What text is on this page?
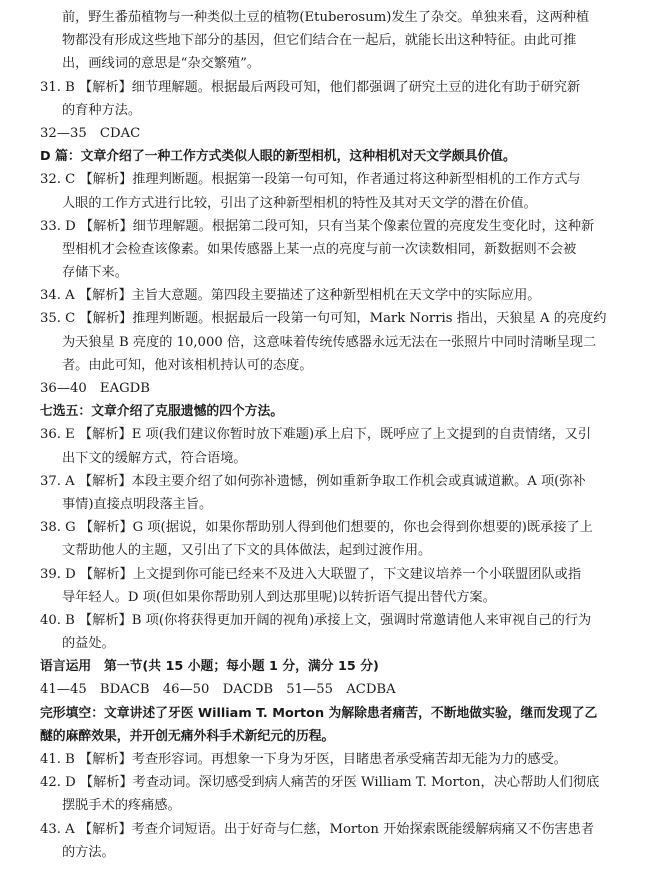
前，野生番茄植物与一种类似土豆的植物(Etuberosum)发生了杂交。单独来看，这两种植
物都没有形成这些地下部分的基因，但它们结合在一起后，就能长出这种特征。由此可推
出，画线词的意思是“杂交繁殖”。
31. B 【解析】细节理解题。根据最后两段可知，他们都强调了研究土豆的进化有助于研究新
的育种方法。
32—35　CDAC
D 篇：文章介绍了一种工作方式类似人眼的新型相机，这种相机对天文学颇具价值。
32. C 【解析】推理判断题。根据第一段第一句可知，作者通过将这种新型相机的工作方式与
人眼的工作方式进行比较，引出了这种新型相机的特性及其对天文学的潜在价值。
33. D 【解析】细节理解题。根据第二段可知，只有当某个像素位置的亮度发生变化时，这种新
型相机才会检查该像素。如果传感器上某一点的亮度与前一次读数相同，新数据则不会被
存储下来。
34. A 【解析】主旨大意题。第四段主要描述了这种新型相机在天文学中的实际应用。
35. C 【解析】推理判断题。根据最后一段第一句可知，Mark Norris 指出，天狼星 A 的亮度约
为天狼星 B 亮度的 10,000 倍，这意味着传统传感器永远无法在一张照片中同时清晰呈现二
者。由此可知，他对该相机持认可的态度。
36—40　EAGDB
七选五：文章介绍了克服遗憾的四个方法。
36. E 【解析】E 项(我们建议你暂时放下难题)承上启下，既呼应了上文提到的自责情绪，又引
出下文的缓解方式，符合语境。
37. A 【解析】本段主要介绍了如何弥补遗憾，例如重新争取工作机会或真诚道歉。A 项(弥补
事情)直接点明段落主旨。
38. G 【解析】G 项(据说，如果你帮助别人得到他们想要的，你也会得到你想要的)既承接了上
文帮助他人的主题，又引出了下文的具体做法，起到过渡作用。
39. D 【解析】上文提到你可能已经来不及进入大联盟了，下文建议培养一个小联盟团队或指
导年轻人。D 项(但如果你帮助别人到达那里呢)以转折语气提出替代方案。
40. B 【解析】B 项(你将获得更加开阔的视角)承接上文，强调时常邀请他人来审视自己的行为
的益处。
语言运用　第一节(共 15 小题；每小题 1 分，满分 15 分)
41—45　BDACB　46—50　DACDB　51—55　ACDBA
完形填空：文章讲述了牙医 William T. Morton 为解除患者痛苦，不断地做实验，继而发现了乙
醚的麻醉效果，并开创无痛外科手术新纪元的历程。
41. B 【解析】考查形容词。再想象一下身为牙医，目睹患者承受痛苦却无能为力的感受。
42. D 【解析】考查动词。深切感受到病人痛苦的牙医 William T. Morton，决心帮助人们彻底
摆脱手术的疼痛感。
43. A 【解析】考查介词短语。出于好奇与仁慈，Morton 开始探索既能缓解病痛又不伤害患者
的方法。
